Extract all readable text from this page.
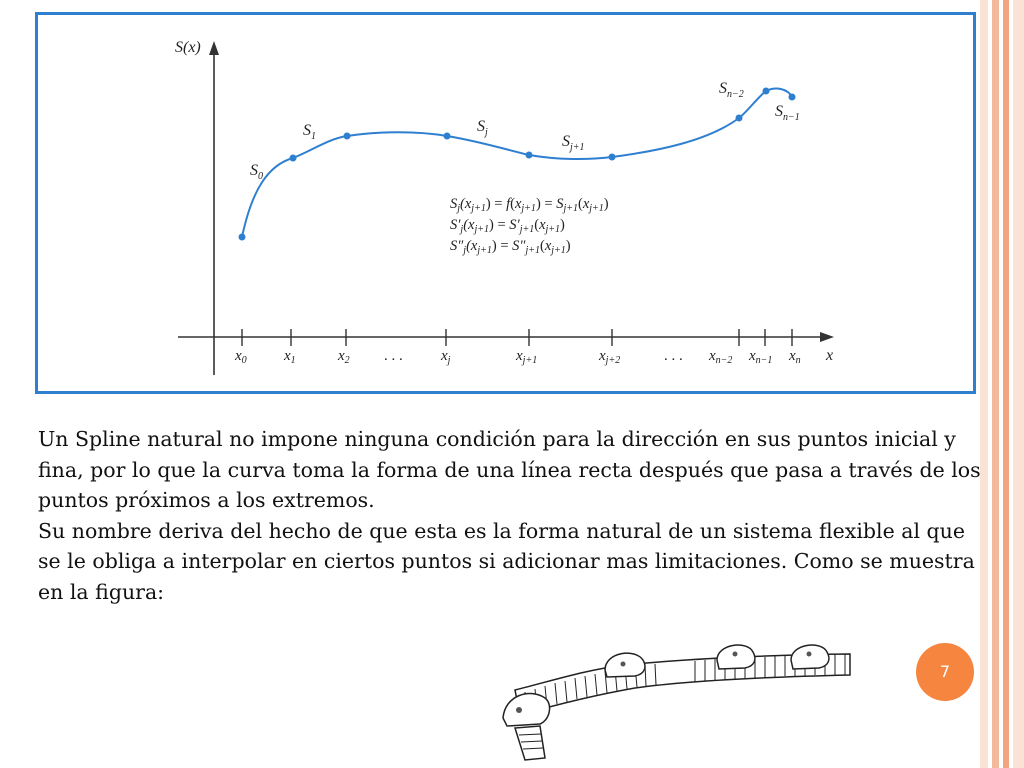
S(x)
x
$x_0$ $x_1$	$x_2$ . . .	$x_j$	$x_{j+1}$	$x_{j+2}$	. . . $x_{n-2}$ $x_{n-1}$ $x_n$
$S_0$
$S_1$
$S_j$
$S_{j+1}$
$S_{n-2}$
$S_{n-1}$
$S_j(x_{j+1}) = f(x_{j+1}) = S_{j+1}(x_{j+1})$
$S'_j(x_{j+1}) = S'_{j+1}(x_{j+1})$
$S''_j(x_{j+1}) = S''_{j+1}(x_{j+1})$

Un Spline natural no impone ninguna condición para la dirección en sus puntos inicial y fina, por lo que la curva toma la forma de una línea recta después que pasa a través de los puntos próximos a los extremos.

Su nombre deriva del hecho de que esta es la forma natural de un sistema flexible al que se le obliga a interpolar en ciertos puntos si adicionar mas limitaciones. Como se muestra en la figura:

7
